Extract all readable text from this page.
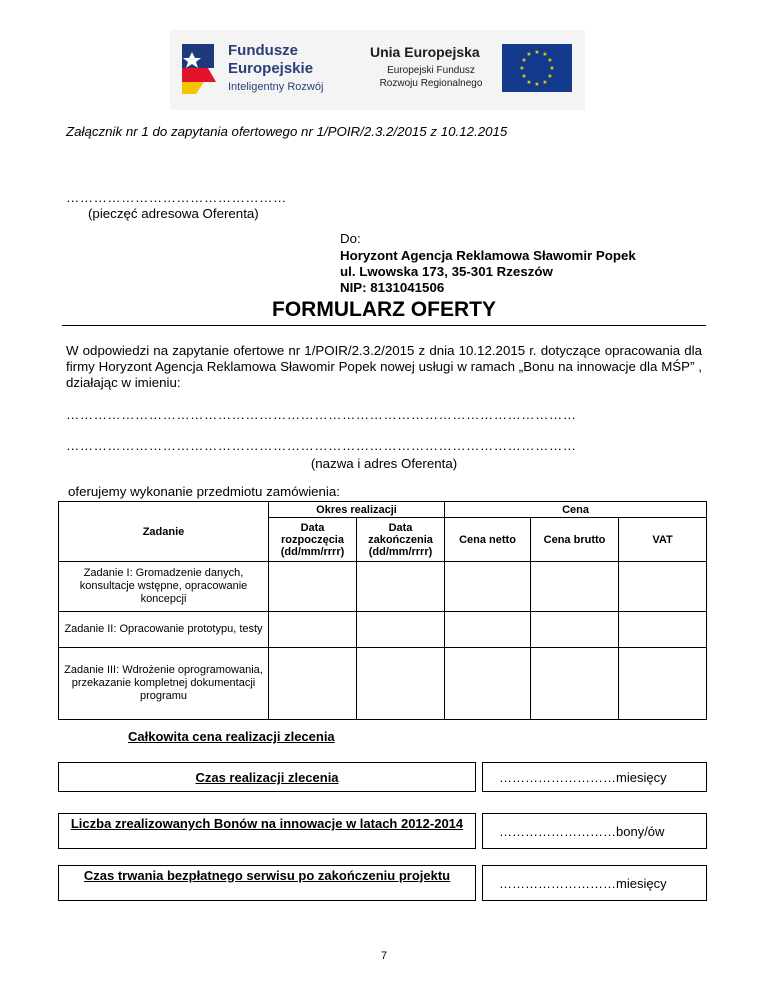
Fundusze
Europejskie
Inteligentny Rozwój
Unia Europejska
Europejski Fundusz
Rozwoju Regionalnego
★ ★
★
★
★
★
★
★
★
★
★
★
Załącznik nr 1 do zapytania ofertowego nr 1/POIR/2.3.2/2015 z 10.12.2015
…………………………………………
(pieczęć adresowa Oferenta)
Do:
Horyzont Agencja Reklamowa Sławomir Popek
ul. Lwowska 173, 35-301 Rzeszów
NIP: 8131041506
FORMULARZ OFERTY
W odpowiedzi na zapytanie ofertowe nr 1/POIR/2.3.2/2015 z dnia 10.12.2015 r. dotyczące opracowania dla firmy Horyzont Agencja Reklamowa Sławomir Popek nowej usługi w ramach „Bonu na innowacje dla MŚP” , działając w imieniu:
…………………………………………………………………………………………………
…………………………………………………………………………………………………
(nazwa i adres Oferenta)
oferujemy wykonanie przedmiotu zamówienia:
Zadanie	Okres realizacji		Cena		
	Data rozpoczęcia (dd/mm/rrrr)	Data zakończenia (dd/mm/rrrr)	Cena netto	Cena brutto	VAT
Zadanie I: Gromadzenie danych, konsultacje wstępne, opracowanie koncepcji					
Zadanie II: Opracowanie prototypu, testy					
Zadanie III: Wdrożenie oprogramowania, przekazanie kompletnej dokumentacji programu					
Całkowita cena realizacji zlecenia
Czas realizacji zlecenia	………………………miesięcy
Liczba zrealizowanych Bonów na innowacje w latach 2012-2014
………………………bony/ów
Czas trwania bezpłatnego serwisu po zakończeniu projektu
………………………miesięcy
7
